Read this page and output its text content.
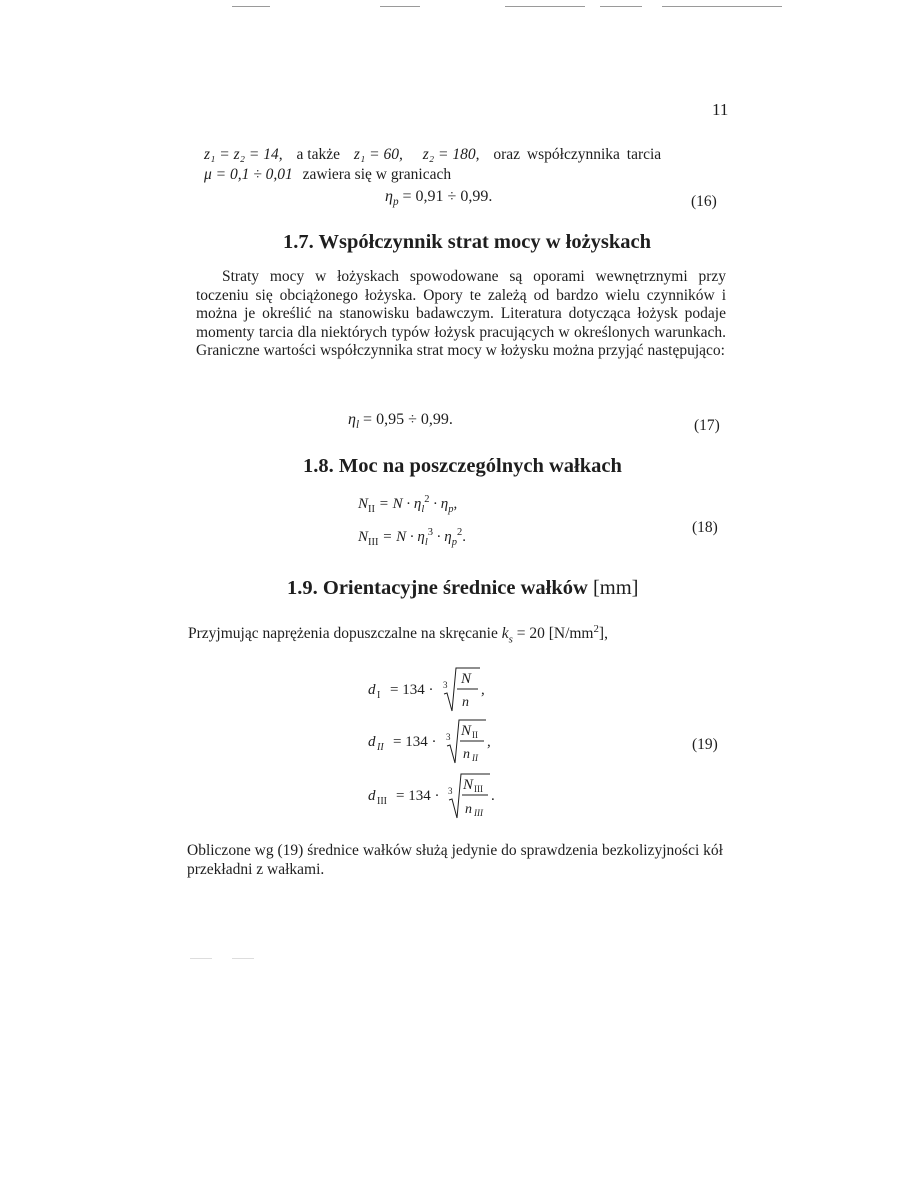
11
z₁ = z₂ = 14, a także z₁ = 60, z₂ = 180, oraz współczynnika tarcia
μ = 0,1 ÷ 0,01 zawiera się w granicach
$\eta_p = 0,91 \div 0,99$.	(16)
1.7. Współczynnik strat mocy w łożyskach
Straty mocy w łożyskach spowodowane są oporami wewnętrznymi przy toczeniu się obciążonego łożyska. Opory te zależą od bardzo wielu czynników i można je określić na stanowisku badawczym. Literatura dotycząca łożysk podaje momenty tarcia dla niektórych typów łożysk pracujących w określonych warunkach. Graniczne wartości współczynnika strat mocy w łożysku można przyjąć następująco:
$\eta_l = 0,95 \div 0,99$.	(17)
1.8. Moc na poszczególnych wałkach
$N_{II} = N \cdot \eta_l^2 \cdot \eta_p$,
$N_{III} = N \cdot \eta_l^3 \cdot \eta_p^2$.
(18)
1.9. Orientacyjne średnice wałków [mm]
Przyjmując naprężenia dopuszczalne na skręcanie $k_s = 20$ $[N/mm^2]$,
d I = 134 · 3 N
n
,
d II = 134 · 3 N II
n II
,
d III = 134 · 3 N III
n III
.
(19)
Obliczone wg (19) średnice wałków służą jedynie do sprawdzenia bezkolizyjności kół przekładni z wałkami.
